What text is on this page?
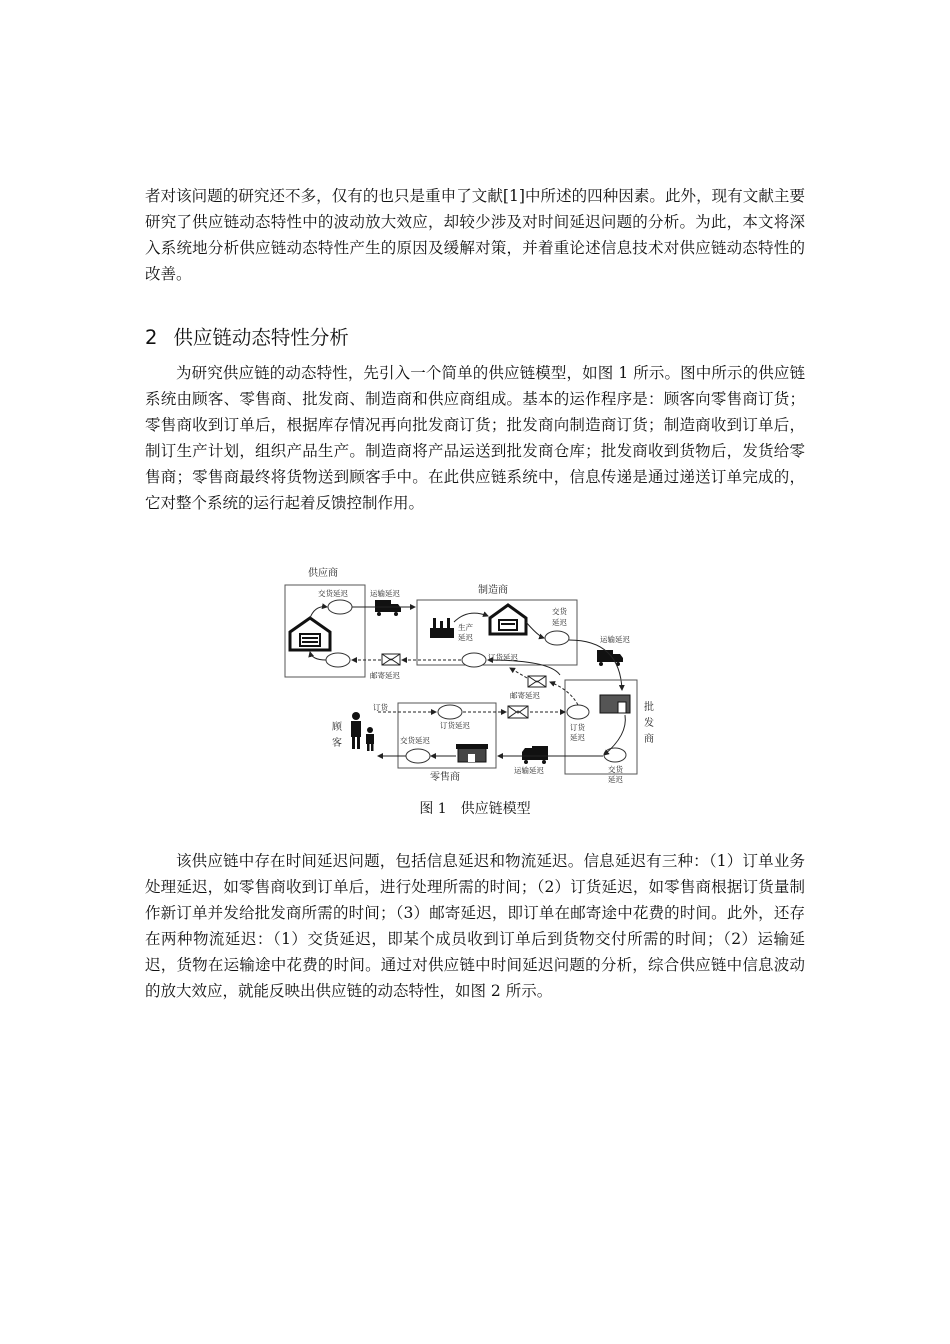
者对该问题的研究还不多，仅有的也只是重申了文献[1]中所述的四种因素。此外，现有文献主要研究了供应链动态特性中的波动放大效应，却较少涉及对时间延迟问题的分析。为此，本文将深入系统地分析供应链动态特性产生的原因及缓解对策，并着重论述信息技术对供应链动态特性的改善。

2 供应链动态特性分析

为研究供应链的动态特性，先引入一个简单的供应链模型，如图 1 所示。图中所示的供应链系统由顾客、零售商、批发商、制造商和供应商组成。基本的运作程序是：顾客向零售商订货；零售商收到订单后，根据库存情况再向批发商订货；批发商向制造商订货；制造商收到订单后，制订生产计划，组织产品生产。制造商将产品运送到批发商仓库；批发商收到货物后，发货给零售商；零售商最终将货物送到顾客手中。在此供应链系统中，信息传递是通过递送订单完成的，它对整个系统的运行起着反馈控制作用。

供应商
交货延迟
邮寄延迟
运输延迟	制造商
生产
延迟
交货
延迟
订货延迟
运输延迟
批
发
商
订货
延迟
交货
延迟
邮寄延迟
零售商
订货
订货延迟
交货延迟
运输延迟
顾
客
图 1 供应链模型

该供应链中存在时间延迟问题，包括信息延迟和物流延迟。信息延迟有三种：（1）订单业务处理延迟，如零售商收到订单后，进行处理所需的时间；（2）订货延迟，如零售商根据订货量制作新订单并发给批发商所需的时间；（3）邮寄延迟，即订单在邮寄途中花费的时间。此外，还存在两种物流延迟：（1）交货延迟，即某个成员收到订单后到货物交付所需的时间；（2）运输延迟，货物在运输途中花费的时间。通过对供应链中时间延迟问题的分析，综合供应链中信息波动的放大效应，就能反映出供应链的动态特性，如图 2 所示。
